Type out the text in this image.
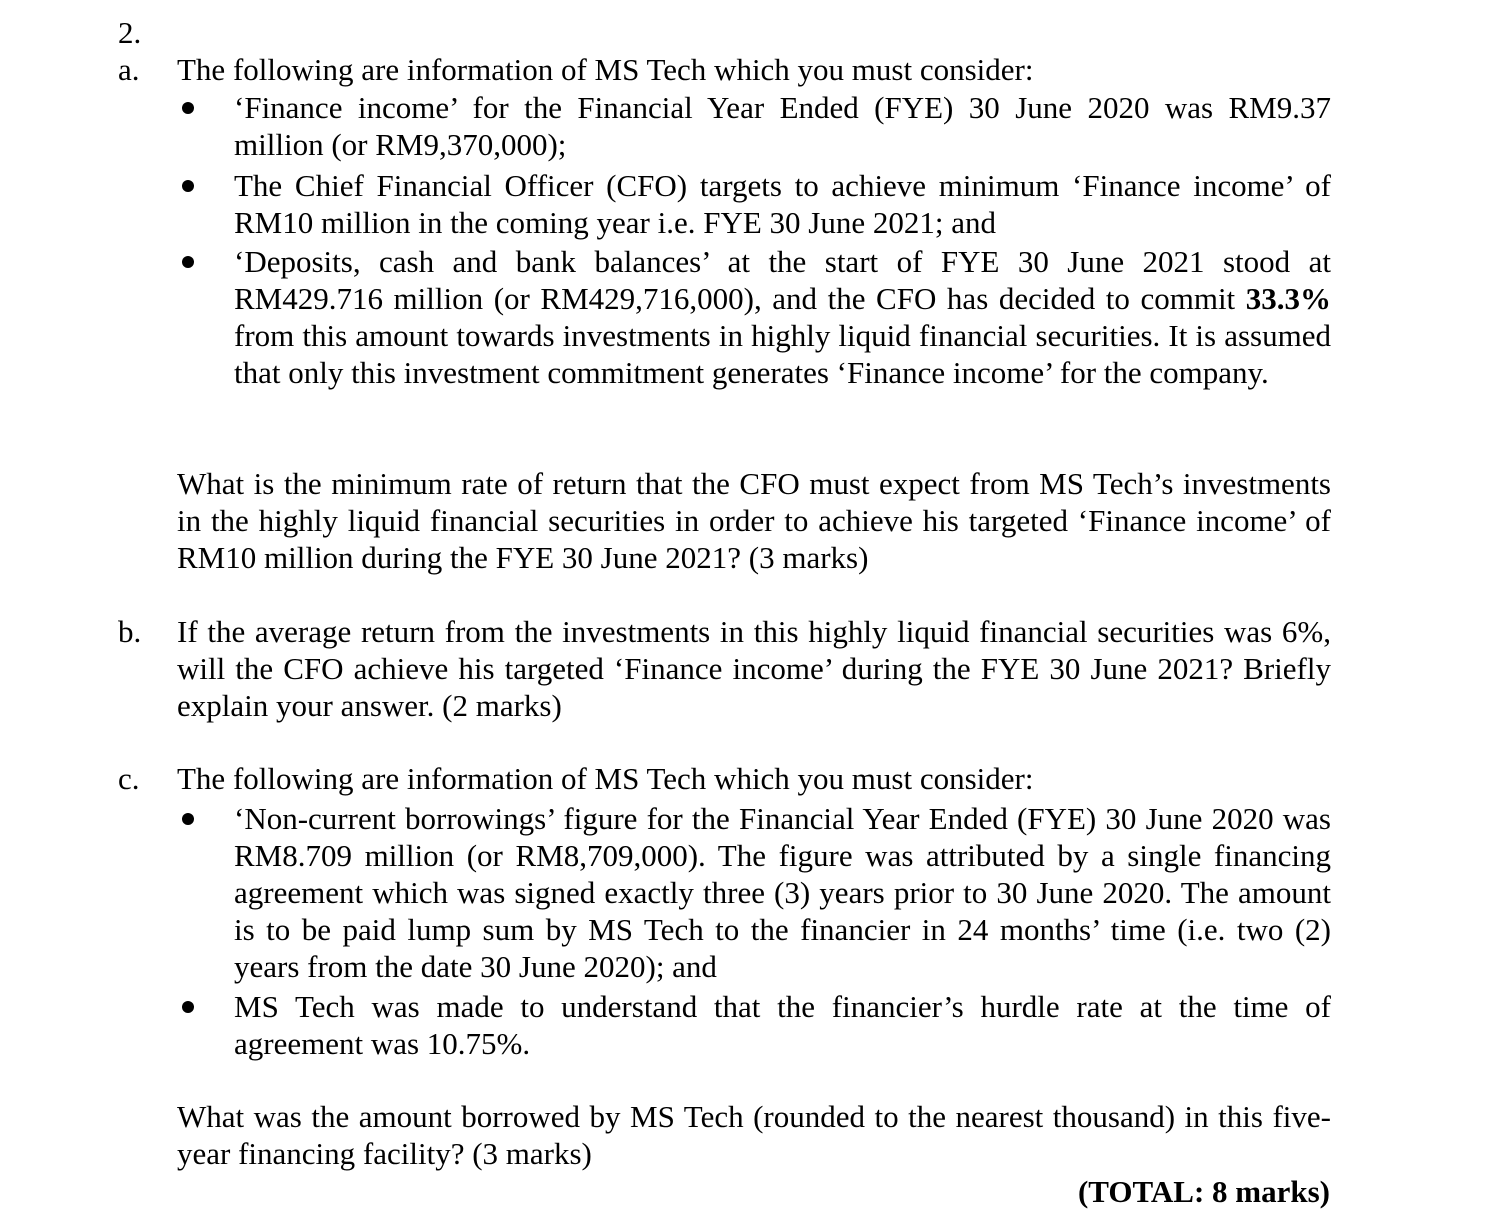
2.
a.	The following are information of MS Tech which you must consider:
‘Finance income’ for the Financial Year Ended (FYE) 30 June 2020 was RM9.37 million (or RM9,370,000);
The Chief Financial Officer (CFO) targets to achieve minimum ‘Finance income’ of RM10 million in the coming year i.e. FYE 30 June 2021; and
‘Deposits, cash and bank balances’ at the start of FYE 30 June 2021 stood at RM429.716 million (or RM429,716,000), and the CFO has decided to commit 33.3% from this amount towards investments in highly liquid financial securities. It is assumed that only this investment commitment generates ‘Finance income’ for the company.
What is the minimum rate of return that the CFO must expect from MS Tech’s investments in the highly liquid financial securities in order to achieve his targeted ‘Finance income’ of RM10 million during the FYE 30 June 2021? (3 marks)
b.	If the average return from the investments in this highly liquid financial securities was 6%, will the CFO achieve his targeted ‘Finance income’ during the FYE 30 June 2021? Briefly explain your answer. (2 marks)
c.	The following are information of MS Tech which you must consider:
‘Non-current borrowings’ figure for the Financial Year Ended (FYE) 30 June 2020 was RM8.709 million (or RM8,709,000). The figure was attributed by a single financing agreement which was signed exactly three (3) years prior to 30 June 2020. The amount is to be paid lump sum by MS Tech to the financier in 24 months’ time (i.e. two (2) years from the date 30 June 2020); and
MS Tech was made to understand that the financier’s hurdle rate at the time of agreement was 10.75%.
What was the amount borrowed by MS Tech (rounded to the nearest thousand) in this five-year financing facility? (3 marks)
(TOTAL: 8 marks)
